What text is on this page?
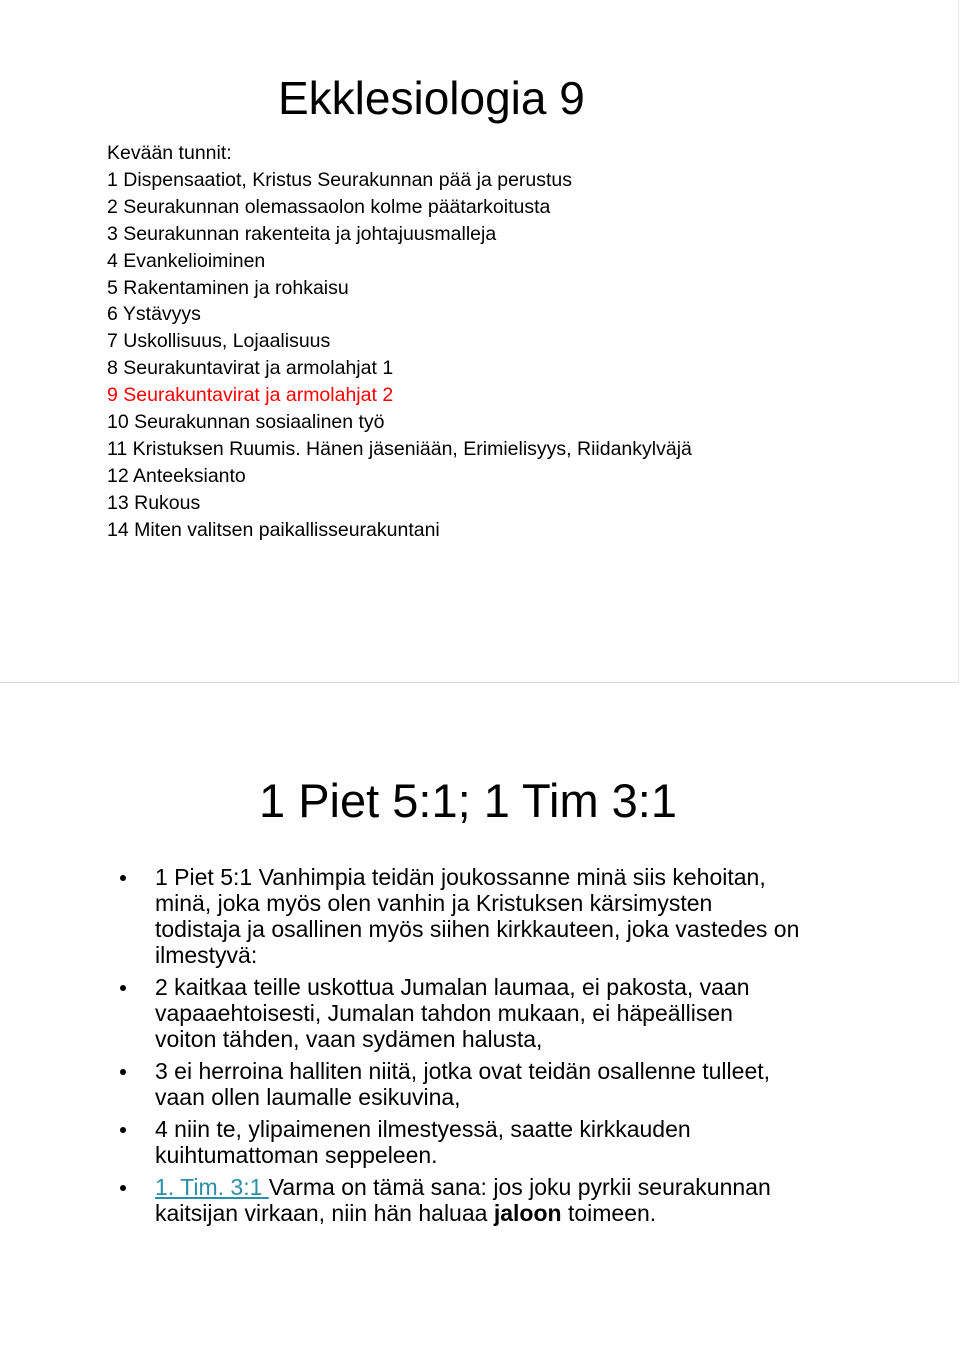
Ekklesiologia 9
Kevään tunnit:
1 Dispensaatiot, Kristus Seurakunnan pää ja perustus
2 Seurakunnan olemassaolon kolme päätarkoitusta
3 Seurakunnan rakenteita ja johtajuusmalleja
4 Evankelioiminen
5 Rakentaminen ja rohkaisu
6 Ystävyys
7 Uskollisuus, Lojaalisuus
8 Seurakuntavirat ja armolahjat 1
9 Seurakuntavirat ja armolahjat 2
10 Seurakunnan sosiaalinen työ
11 Kristuksen Ruumis. Hänen jäseniään, Erimielisyys, Riidankylväjä
12 Anteeksianto
13 Rukous
14 Miten valitsen paikallisseurakuntani
1 Piet 5:1; 1 Tim 3:1
1 Piet 5:1 Vanhimpia teidän joukossanne minä siis kehoitan, minä, joka myös olen vanhin ja Kristuksen kärsimysten todistaja ja osallinen myös siihen kirkkauteen, joka vastedes on ilmestyvä:
2 kaitkaa teille uskottua Jumalan laumaa, ei pakosta, vaan vapaaehtoisesti, Jumalan tahdon mukaan, ei häpeällisen voiton tähden, vaan sydämen halusta,
3 ei herroina halliten niitä, jotka ovat teidän osallenne tulleet, vaan ollen laumalle esikuvina,
4 niin te, ylipaimenen ilmestyessä, saatte kirkkauden kuihtumattoman seppeleen.
1. Tim. 3:1 Varma on tämä sana: jos joku pyrkii seurakunnan kaitsijan virkaan, niin hän haluaa jaloon toimeen.
